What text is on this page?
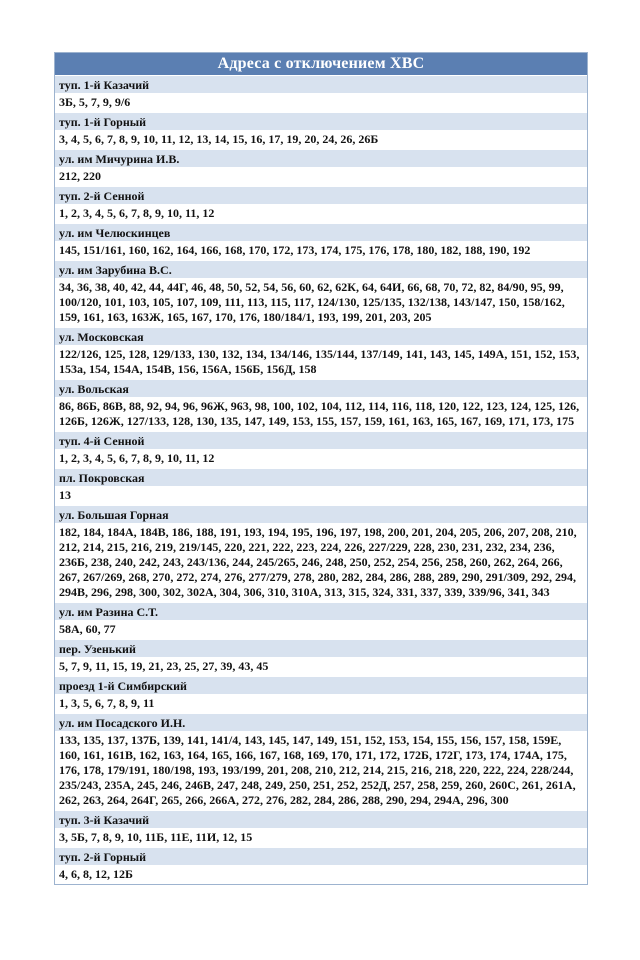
Адреса с отключением ХВС
туп. 1-й Казачий
3Б, 5, 7, 9, 9/6
туп. 1-й Горный
3, 4, 5, 6, 7, 8, 9, 10, 11, 12, 13, 14, 15, 16, 17, 19, 20, 24, 26, 26Б
ул. им Мичурина И.В.
212, 220
туп. 2-й Сенной
1, 2, 3, 4, 5, 6, 7, 8, 9, 10, 11, 12
ул. им Челюскинцев
145, 151/161, 160, 162, 164, 166, 168, 170, 172, 173, 174, 175, 176, 178, 180, 182, 188, 190, 192
ул. им Зарубина В.С.
34, 36, 38, 40, 42, 44, 44Г, 46, 48, 50, 52, 54, 56, 60, 62, 62К, 64, 64И, 66, 68, 70, 72, 82, 84/90, 95, 99, 100/120, 101, 103, 105, 107, 109, 111, 113, 115, 117, 124/130, 125/135, 132/138, 143/147, 150, 158/162, 159, 161, 163, 163Ж, 165, 167, 170, 176, 180/184/1, 193, 199, 201, 203, 205
ул. Московская
122/126, 125, 128, 129/133, 130, 132, 134, 134/146, 135/144, 137/149, 141, 143, 145, 149А, 151, 152, 153, 153а, 154, 154А, 154В, 156, 156А, 156Б, 156Д, 158
ул. Вольская
86, 86Б, 86В, 88, 92, 94, 96, 96Ж, 963, 98, 100, 102, 104, 112, 114, 116, 118, 120, 122, 123, 124, 125, 126, 126Б, 126Ж, 127/133, 128, 130, 135, 147, 149, 153, 155, 157, 159, 161, 163, 165, 167, 169, 171, 173, 175
туп. 4-й Сенной
1, 2, 3, 4, 5, 6, 7, 8, 9, 10, 11, 12
пл. Покровская
13
ул. Большая Горная
182, 184, 184А, 184В, 186, 188, 191, 193, 194, 195, 196, 197, 198, 200, 201, 204, 205, 206, 207, 208, 210, 212, 214, 215, 216, 219, 219/145, 220, 221, 222, 223, 224, 226, 227/229, 228, 230, 231, 232, 234, 236, 236Б, 238, 240, 242, 243, 243/136, 244, 245/265, 246, 248, 250, 252, 254, 256, 258, 260, 262, 264, 266, 267, 267/269, 268, 270, 272, 274, 276, 277/279, 278, 280, 282, 284, 286, 288, 289, 290, 291/309, 292, 294, 294В, 296, 298, 300, 302, 302А, 304, 306, 310, 310А, 313, 315, 324, 331, 337, 339, 339/96, 341, 343
ул. им Разина С.Т.
58А, 60, 77
пер. Узенький
5, 7, 9, 11, 15, 19, 21, 23, 25, 27, 39, 43, 45
проезд 1-й Симбирский
1, 3, 5, 6, 7, 8, 9, 11
ул. им Посадского И.Н.
133, 135, 137, 137Б, 139, 141, 141/4, 143, 145, 147, 149, 151, 152, 153, 154, 155, 156, 157, 158, 159Е, 160, 161, 161В, 162, 163, 164, 165, 166, 167, 168, 169, 170, 171, 172, 172Б, 172Г, 173, 174, 174А, 175, 176, 178, 179/191, 180/198, 193, 193/199, 201, 208, 210, 212, 214, 215, 216, 218, 220, 222, 224, 228/244, 235/243, 235А, 245, 246, 246В, 247, 248, 249, 250, 251, 252, 252Д, 257, 258, 259, 260, 260С, 261, 261А, 262, 263, 264, 264Г, 265, 266, 266А, 272, 276, 282, 284, 286, 288, 290, 294, 294А, 296, 300
туп. 3-й Казачий
3, 5Б, 7, 8, 9, 10, 11Б, 11Е, 11И, 12, 15
туп. 2-й Горный
4, 6, 8, 12, 12Б
